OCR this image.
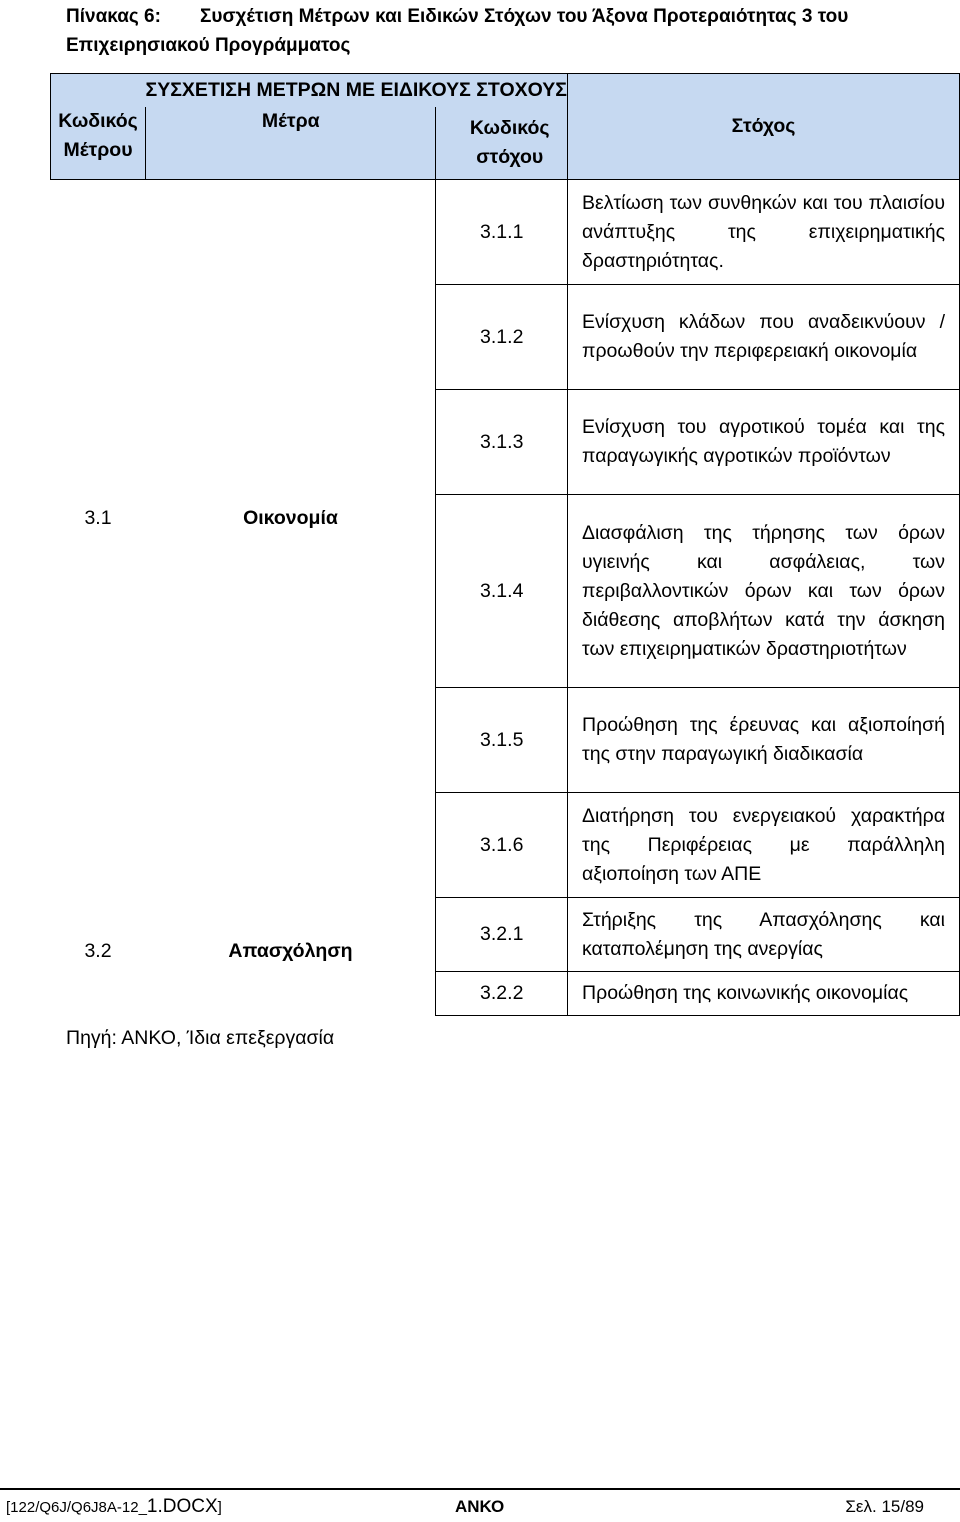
Πίνακας 6: Συσχέτιση Μέτρων και Ειδικών Στόχων του Άξονα Προτεραιότητας 3 του Επιχειρησιακού Προγράμματος
	ΣΥΣΧΕΤΙΣΗ ΜΕΤΡΩΝ ΜΕ ΕΙΔΙΚΟΥΣ ΣΤΟΧΟΥΣ		Στόχος
Κωδικός Μέτρου	Μέτρα	Κωδικός στόχου	
3.1	Οικονομία	3.1.1	Βελτίωση των συνθηκών και του πλαισίου ανάπτυξης της επιχειρηματικής δραστηριότητας.
		3.1.2	Ενίσχυση κλάδων που αναδεικνύουν / προωθούν την περιφερειακή οικονομία
		3.1.3	Ενίσχυση του αγροτικού τομέα και της παραγωγικής αγροτικών προϊόντων
		3.1.4	Διασφάλιση της τήρησης των όρων υγιεινής και ασφάλειας, των περιβαλλοντικών όρων και των όρων διάθεσης αποβλήτων κατά την άσκηση των επιχειρηματικών δραστηριοτήτων
		3.1.5	Προώθηση της έρευνας και αξιοποίησή της στην παραγωγική διαδικασία
		3.1.6	Διατήρηση του ενεργειακού χαρακτήρα της Περιφέρειας με παράλληλη αξιοποίηση των ΑΠΕ
3.2	Απασχόληση	3.2.1	Στήριξης της Απασχόλησης και καταπολέμηση της ανεργίας
		3.2.2	Προώθηση της κοινωνικής οικονομίας
Πηγή: ΑΝΚΟ, Ίδια επεξεργασία
[122/Q6J/Q6J8A-12_1.DOCX]	ΑΝΚΟ	Σελ. 15/89
